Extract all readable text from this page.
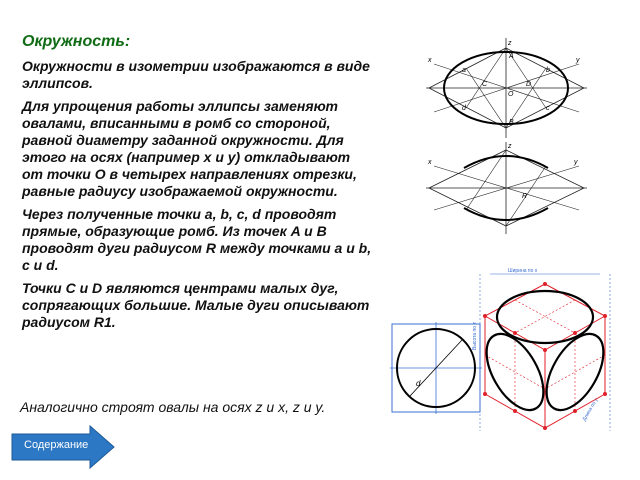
Окружность:

Окружности в изометрии изображаются в виде эллипсов.

Для упрощения работы эллипсы заменяют овалами, вписанными в ромб со стороной, равной диаметру заданной окружности. Для этого на осях (например x и y) откладывают от точки O в четырех направлениях отрезки, равные радиусу изображаемой окружности.

Через полученные точки a, b, c, d проводят прямые, образующие ромб. Из точек A и B проводят дуги радиусом R между точками a и b, c и d.

Точки C и D являются центрами малых дуг, сопрягающих большие. Малые дуги описывают радиусом R1.

Аналогично строят овалы на осях z и x, z и y.
Содержание
z
x	y
O
a	b
c
d
A
B
C	D
z
x	y
R
d
Ширина по x
Высота по z
Длина по y
